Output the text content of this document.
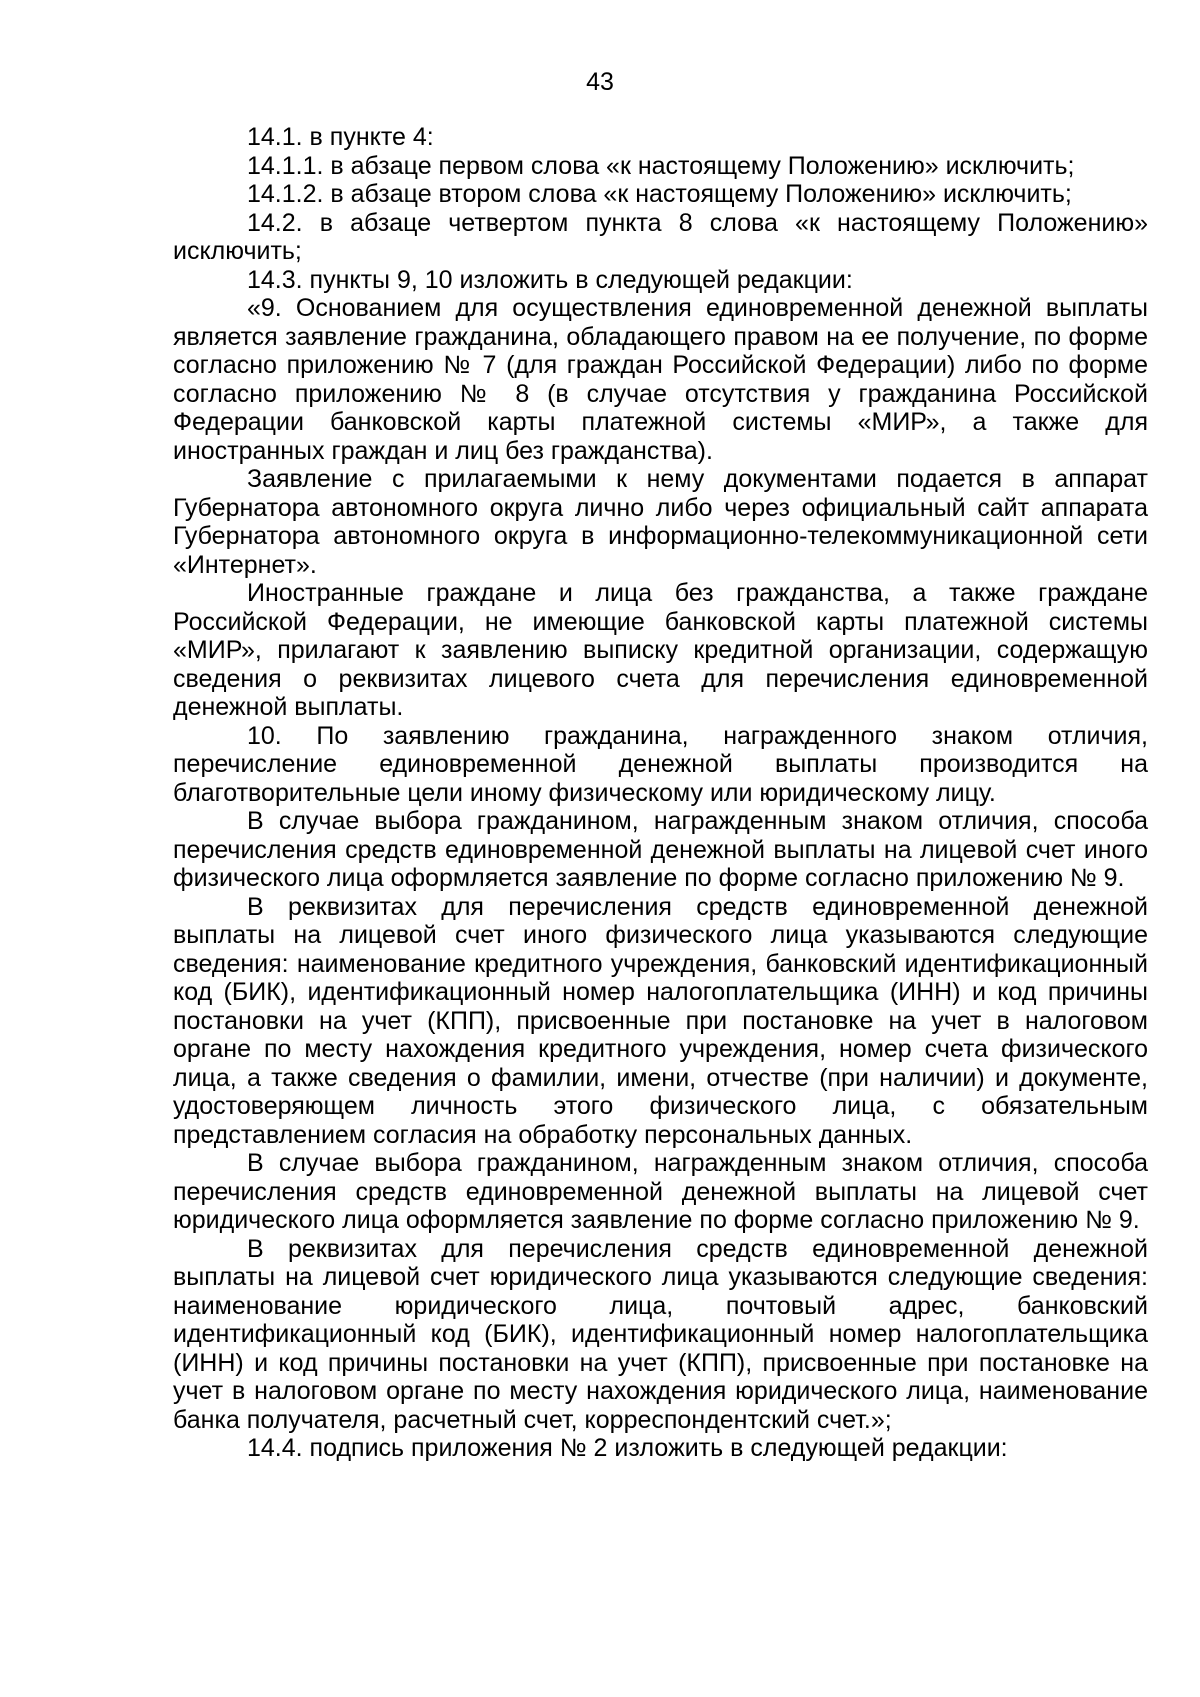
43

14.1. в пункте 4:

14.1.1. в абзаце первом слова «к настоящему Положению» исключить;

14.1.2. в абзаце втором слова «к настоящему Положению» исключить;

14.2. в абзаце четвертом пункта 8 слова «к настоящему Положению» исключить;

14.3. пункты 9, 10 изложить в следующей редакции:

«9. Основанием для осуществления единовременной денежной выплаты является заявление гражданина, обладающего правом на ее получение, по форме согласно приложению № 7 (для граждан Российской Федерации) либо по форме согласно приложению № 8 (в случае отсутствия у гражданина Российской Федерации банковской карты платежной системы «МИР», а также для иностранных граждан и лиц без гражданства).

Заявление с прилагаемыми к нему документами подается в аппарат Губернатора автономного округа лично либо через официальный сайт аппарата Губернатора автономного округа в информационно-телекоммуникационной сети «Интернет».

Иностранные граждане и лица без гражданства, а также граждане Российской Федерации, не имеющие банковской карты платежной системы «МИР», прилагают к заявлению выписку кредитной организации, содержащую сведения о реквизитах лицевого счета для перечисления единовременной денежной выплаты.

10. По заявлению гражданина, награжденного знаком отличия, перечисление единовременной денежной выплаты производится на благотворительные цели иному физическому или юридическому лицу.

В случае выбора гражданином, награжденным знаком отличия, способа перечисления средств единовременной денежной выплаты на лицевой счет иного физического лица оформляется заявление по форме согласно приложению № 9.

В реквизитах для перечисления средств единовременной денежной выплаты на лицевой счет иного физического лица указываются следующие сведения: наименование кредитного учреждения, банковский идентификационный код (БИК), идентификационный номер налогоплательщика (ИНН) и код причины постановки на учет (КПП), присвоенные при постановке на учет в налоговом органе по месту нахождения кредитного учреждения, номер счета физического лица, а также сведения о фамилии, имени, отчестве (при наличии) и документе, удостоверяющем личность этого физического лица, с обязательным представлением согласия на обработку персональных данных.

В случае выбора гражданином, награжденным знаком отличия, способа перечисления средств единовременной денежной выплаты на лицевой счет юридического лица оформляется заявление по форме согласно приложению № 9.

В реквизитах для перечисления средств единовременной денежной выплаты на лицевой счет юридического лица указываются следующие сведения: наименование юридического лица, почтовый адрес, банковский идентификационный код (БИК), идентификационный номер налогоплательщика (ИНН) и код причины постановки на учет (КПП), присвоенные при постановке на учет в налоговом органе по месту нахождения юридического лица, наименование банка получателя, расчетный счет, корреспондентский счет.»;

14.4. подпись приложения № 2 изложить в следующей редакции:
